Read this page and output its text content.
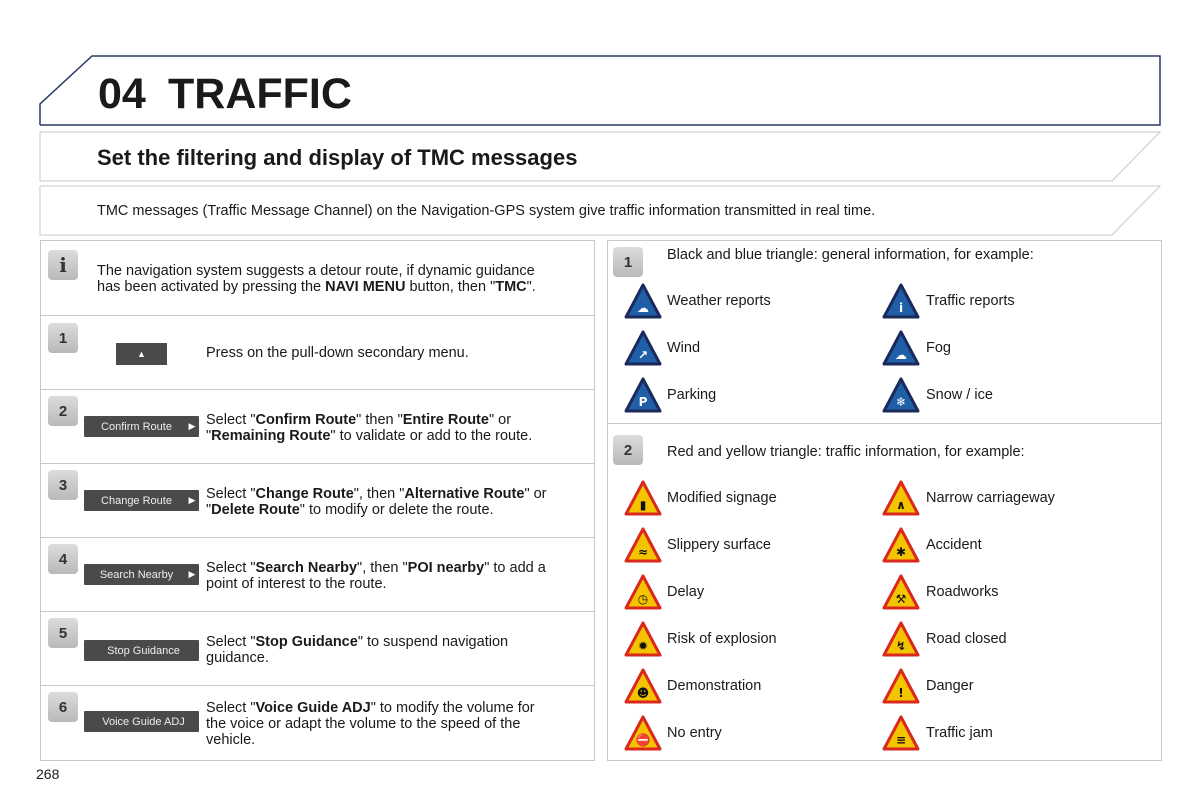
04 TRAFFIC
Set the filtering and display of TMC messages
TMC messages (Traffic Message Channel) on the Navigation-GPS system give traffic information transmitted in real time.
i	The navigation system suggests a detour route, if dynamic guidance
has been activated by pressing the NAVI MENU button, then "TMC".
1
▲	Press on the pull-down secondary menu.
2
Confirm Route	▶ Select "Confirm Route" then "Entire Route" or
"Remaining Route" to validate or add to the route.
3
Change Route	▶ Select "Change Route", then "Alternative Route" or
"Delete Route" to modify or delete the route.
4
Search Nearby	▶ Select "Search Nearby", then "POI nearby" to add a
point of interest to the route.
5
Stop Guidance
Select "Stop Guidance" to suspend navigation
guidance.
6
Voice Guide ADJ
Select "Voice Guide ADJ" to modify the volume for
the voice or adapt the volume to the speed of the
vehicle.
1	Black and blue triangle: general information, for example:
2	Red and yellow triangle: traffic information, for example:
☁ Weather reports	i Traffic reports
↗ Wind	☁ Fog
P Parking	❄ Snow / ice
▮ Modified signage	∧ Narrow carriageway
≈ Slippery surface	✱ Accident
◷ Delay	⚒ Roadworks
✹ Risk of explosion	↯ Road closed
☻ Demonstration	! Danger
⛔ No entry	≡ Traffic jam
268
